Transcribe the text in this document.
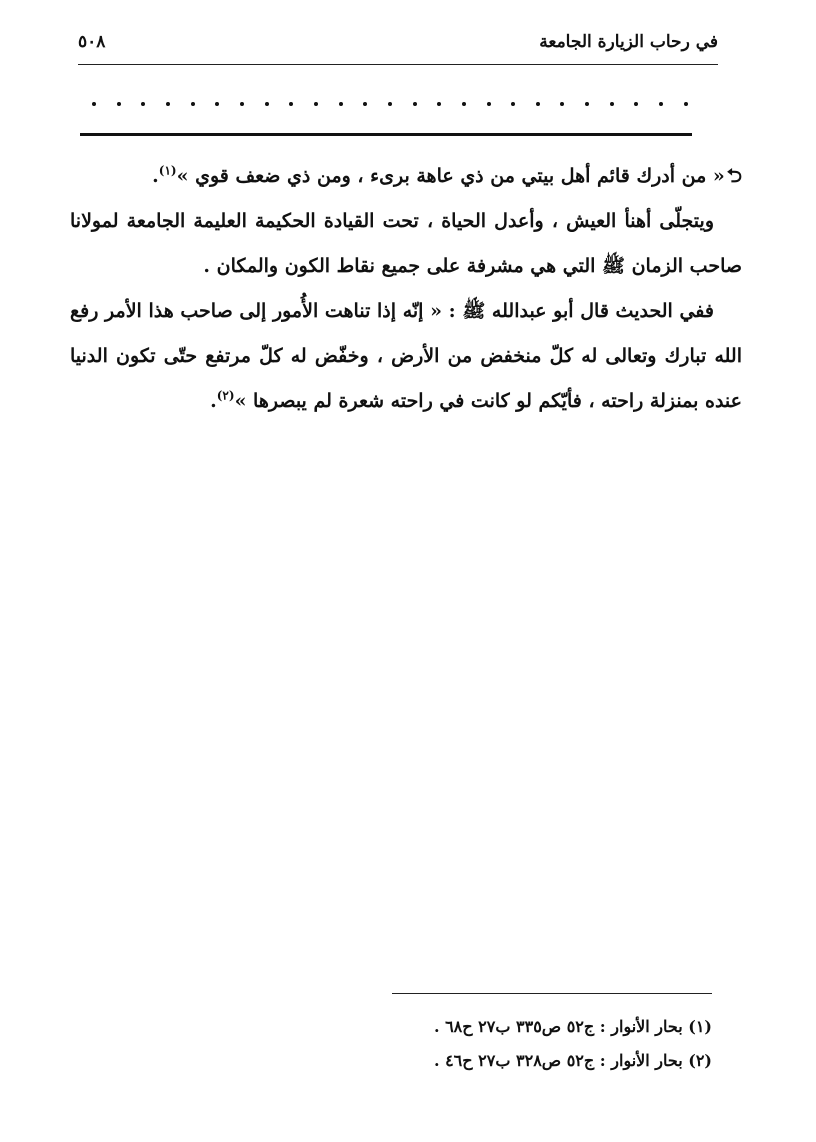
في رحاب الزيارة الجامعة
٥٠٨

⮌« من أدرك قائم أهل بيتي من ذي عاهة برىء ، ومن ذي ضعف قوي »$^{(١)}$.

ويتجلّى أهنأ العيش ، وأعدل الحياة ، تحت القيادة الحكيمة العليمة الجامعة لمولانا صاحب الزمان ﷺ التي هي مشرفة على جميع نقاط الكون والمكان .

ففي الحديث قال أبو عبدالله ﷺ : « إنّه إذا تناهت الأُمور إلى صاحب هذا الأمر رفع الله تبارك وتعالى له كلّ منخفض من الأرض ، وخفّض له كلّ مرتفع حتّى تكون الدنيا عنده بمنزلة راحته ، فأيّكم لو كانت في راحته شعرة لم يبصرها »$^{(٢)}$.

(١) بحار الأنوار : ج٥٢ ص٣٣٥ ب٢٧ ح٦٨ .
(٢) بحار الأنوار : ج٥٢ ص٣٢٨ ب٢٧ ح٤٦ .
